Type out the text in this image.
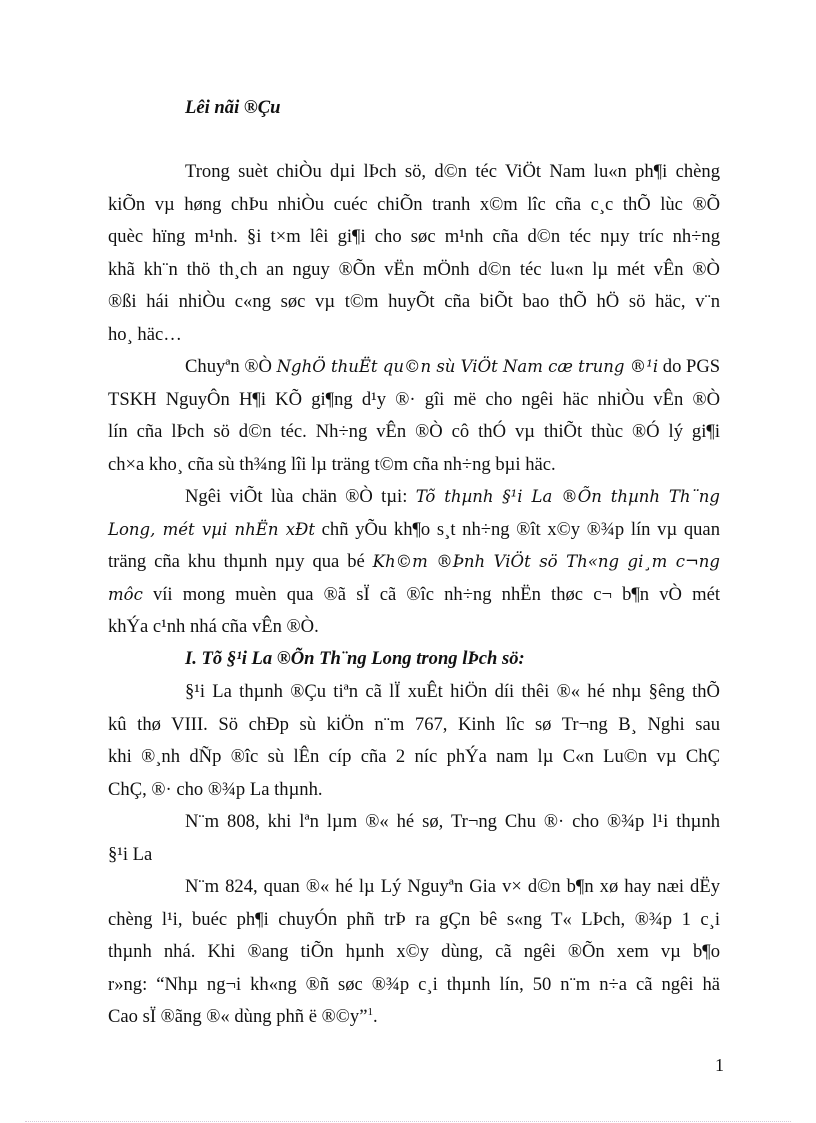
Lêi nãi ®Çu
Trong suèt chiÒu dµi lÞch sö, d©n téc ViÖt Nam lu«n ph¶i chèng
kiÕn vµ høng chÞu nhiÒu cuéc chiÕn tranh x©m lîc cña c¸c thÕ lùc ®Õ
quèc hïng m¹nh. §i t×m lêi gi¶i cho søc m¹nh cña d©n téc nµy tríc nh÷ng
khã kh¨n thö th¸ch an nguy ®Õn vËn mÖnh d©n téc lu«n lµ mét vÊn ®Ò
®ßi hái nhiÒu c«ng søc vµ t©m huyÕt cña biÕt bao thÕ hÖ sö häc, v¨n
ho¸ häc…
Chuyªn ®Ò NghÖ thuËt qu©n sù ViÖt Nam cæ trung ®¹i do PGS
TSKH NguyÔn H¶i KÕ gi¶ng d¹y ®· gîi më cho ngêi häc nhiÒu vÊn ®Ò
lín cña lÞch sö d©n téc. Nh÷ng vÊn ®Ò cô thÓ vµ thiÕt thùc ®Ó lý gi¶i
ch×a kho¸ cña sù th¾ng lîi lµ träng t©m cña nh÷ng bµi häc.
Ngêi viÕt lùa chän ®Ò tµi: Tõ thµnh §¹i La ®Õn thµnh Th¨ng
Long, mét vµi nhËn xÐt chñ yÕu kh¶o s¸t nh÷ng ®ît x©y ®¾p lín vµ quan
träng cña khu thµnh nµy qua bé Kh©m ®Þnh ViÖt sö Th«ng gi¸m c¬ng
môc víi mong muèn qua ®ã sÏ cã ®îc nh÷ng nhËn thøc c¬ b¶n vÒ mét
khÝa c¹nh nhá cña vÊn ®Ò.
I. Tõ §¹i La ®Õn Th¨ng Long trong lÞch sö:
§¹i La thµnh ®Çu tiªn cã lÏ xuÊt hiÖn díi thêi ®« hé nhµ §êng thÕ
kû thø VIII. Sö chÐp sù kiÖn n¨m 767, Kinh lîc sø Tr¬ng B¸ Nghi sau
khi ®¸nh dÑp ®îc sù lÊn cíp cña 2 níc phÝa nam lµ C«n Lu©n vµ ChÇ
ChÇ, ®· cho ®¾p La thµnh.
N¨m 808, khi lªn lµm ®« hé sø, Tr¬ng Chu ®· cho ®¾p l¹i thµnh
§¹i La
N¨m 824, quan ®« hé lµ Lý Nguyªn Gia v× d©n b¶n xø hay næi dËy
chèng l¹i, buéc ph¶i chuyÓn phñ trÞ ra gÇn bê s«ng T« LÞch, ®¾p 1 c¸i
thµnh nhá. Khi ®ang tiÕn hµnh x©y dùng, cã ngêi ®Õn xem vµ b¶o
r»ng: “Nhµ ng¬i kh«ng ®ñ søc ®¾p c¸i thµnh lín, 50 n¨m n÷a cã ngêi hä
Cao sÏ ®ãng ®« dùng phñ ë ®©y”$^1$.
1
